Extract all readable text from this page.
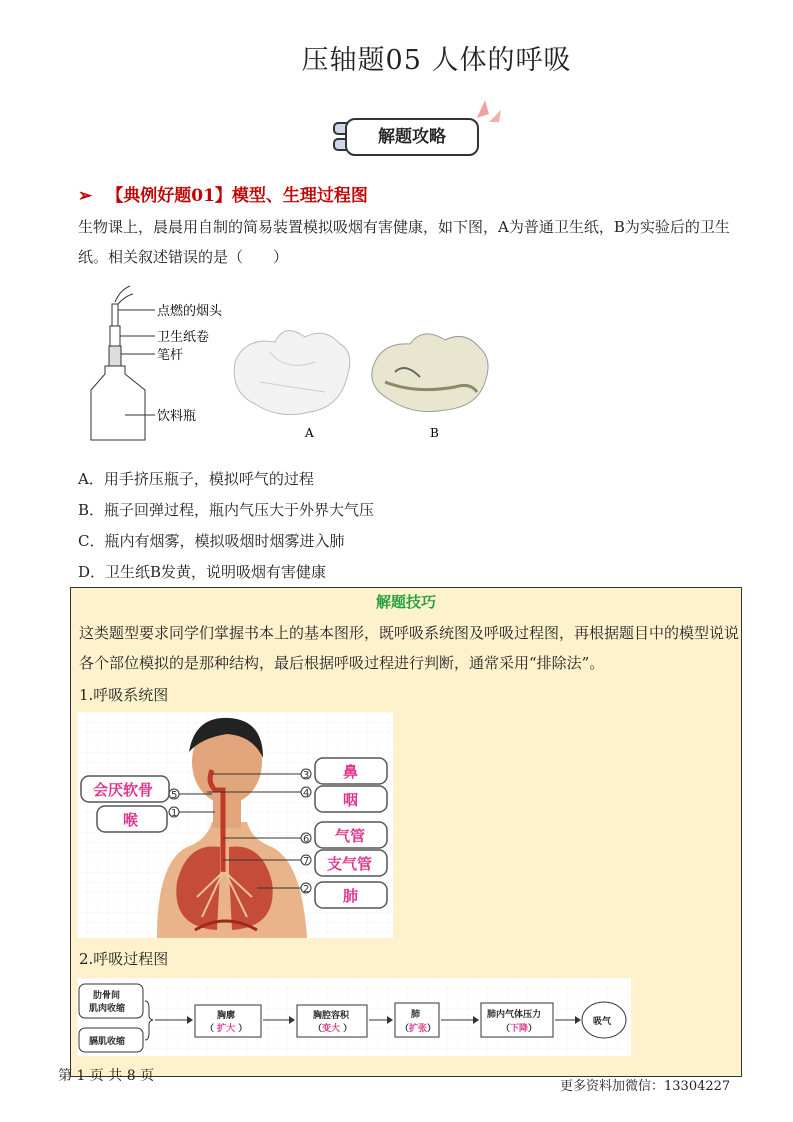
压轴题05 人体的呼吸
解题攻略
➢ 【典例好题01】模型、生理过程图
生物课上，晨晨用自制的简易装置模拟吸烟有害健康，如下图，A为普通卫生纸，B为实验后的卫生纸。相关叙述错误的是（　　）
点燃的烟头
卫生纸卷
笔杆
饮料瓶
A	B
A．用手挤压瓶子，模拟呼气的过程
B．瓶子回弹过程，瓶内气压大于外界大气压
C．瓶内有烟雾，模拟吸烟时烟雾进入肺
D．卫生纸B发黄，说明吸烟有害健康
解题技巧
这类题型要求同学们掌握书本上的基本图形，既呼吸系统图及呼吸过程图，再根据题目中的模型说说各个部位模拟的是那种结构，最后根据呼吸过程进行判断，通常采用“排除法”。
1.呼吸系统图
3
4
6
7
2
5
1
鼻
咽
气管
支气管
肺
会厌软骨
喉
2.呼吸过程图
肋骨间
肌肉收缩
膈肌收缩
胸廓
（ 扩大 ）
胸腔容积
（变大 ）
肺
（扩张）
肺内气体压力
（下降）
吸气
第 1 页 共 8 页
更多资料加微信：13304227
